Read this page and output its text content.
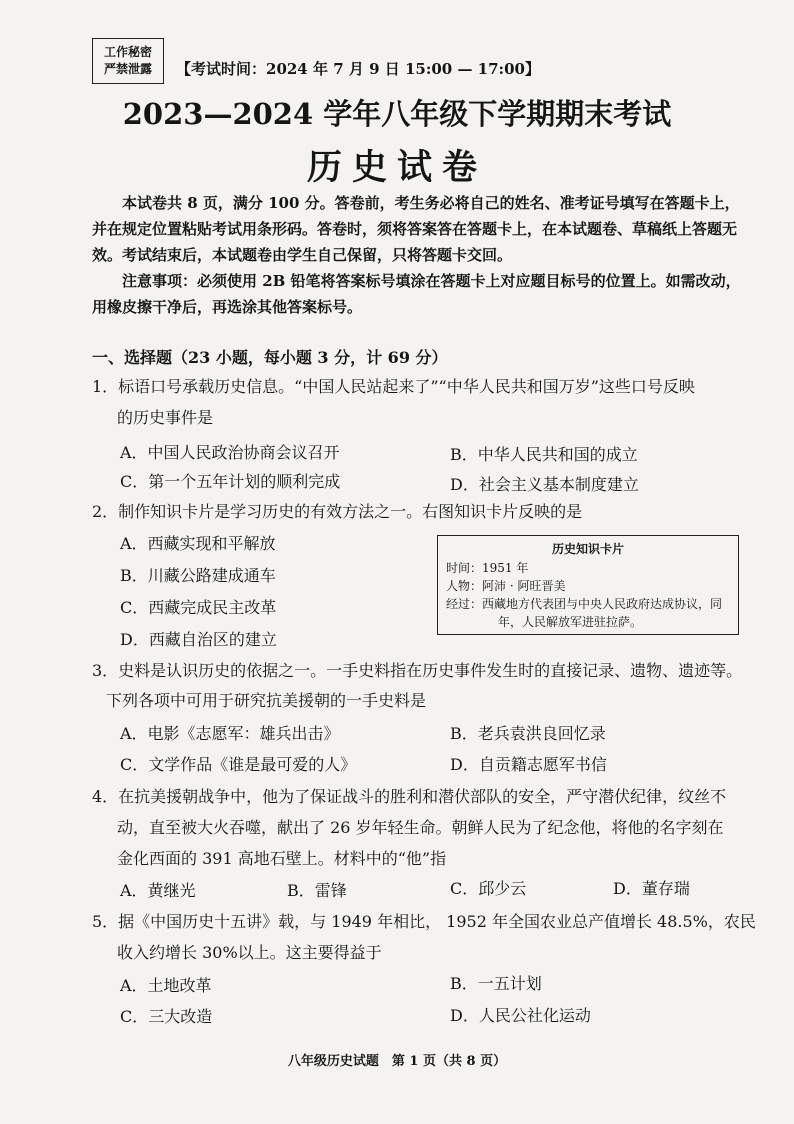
工作秘密
严禁泄露	【考试时间：2024 年 7 月 9 日 15:00 — 17:00】
2023—2024 学年八年级下学期期末考试
历史试卷
本试卷共 8 页，满分 100 分。答卷前，考生务必将自己的姓名、准考证号填写在答题卡上，并在规定位置粘贴考试用条形码。答卷时，须将答案答在答题卡上，在本试题卷、草稿纸上答题无效。考试结束后，本试题卷由学生自己保留，只将答题卡交回。
注意事项：必须使用 2B 铅笔将答案标号填涂在答题卡上对应题目标号的位置上。如需改动，用橡皮擦干净后，再选涂其他答案标号。
一、选择题（23 小题，每小题 3 分，计 69 分）
1．标语口号承载历史信息。“中国人民站起来了”“中华人民共和国万岁”这些口号反映
的历史事件是
A．中国人民政治协商会议召开	B．中华人民共和国的成立
C．第一个五年计划的顺利完成	D．社会主义基本制度建立
2．制作知识卡片是学习历史的有效方法之一。右图知识卡片反映的是
A．西藏实现和平解放
B．川藏公路建成通车
C．西藏完成民主改革
D．西藏自治区的建立
历史知识卡片
时间：1951 年
人物：阿沛 · 阿旺晋美
经过：西藏地方代表团与中央人民政府达成协议，同年，人民解放军进驻拉萨。
3．史料是认识历史的依据之一。一手史料指在历史事件发生时的直接记录、遗物、遗迹等。
下列各项中可用于研究抗美援朝的一手史料是
A．电影《志愿军：雄兵出击》	B．老兵袁洪良回忆录
C．文学作品《谁是最可爱的人》	D．自贡籍志愿军书信
4．在抗美援朝战争中，他为了保证战斗的胜利和潜伏部队的安全，严守潜伏纪律，纹丝不
动，直至被大火吞噬，献出了 26 岁年轻生命。朝鲜人民为了纪念他，将他的名字刻在
金化西面的 391 高地石壁上。材料中的“他”指
A．黄继光	B．雷锋	C．邱少云	D．董存瑞
5．据《中国历史十五讲》载，与 1949 年相比， 1952 年全国农业总产值增长 48.5%，农民
收入约增长 30%以上。这主要得益于
A．土地改革	B．一五计划
C．三大改造	D．人民公社化运动
八年级历史试题　第 1 页（共 8 页）
